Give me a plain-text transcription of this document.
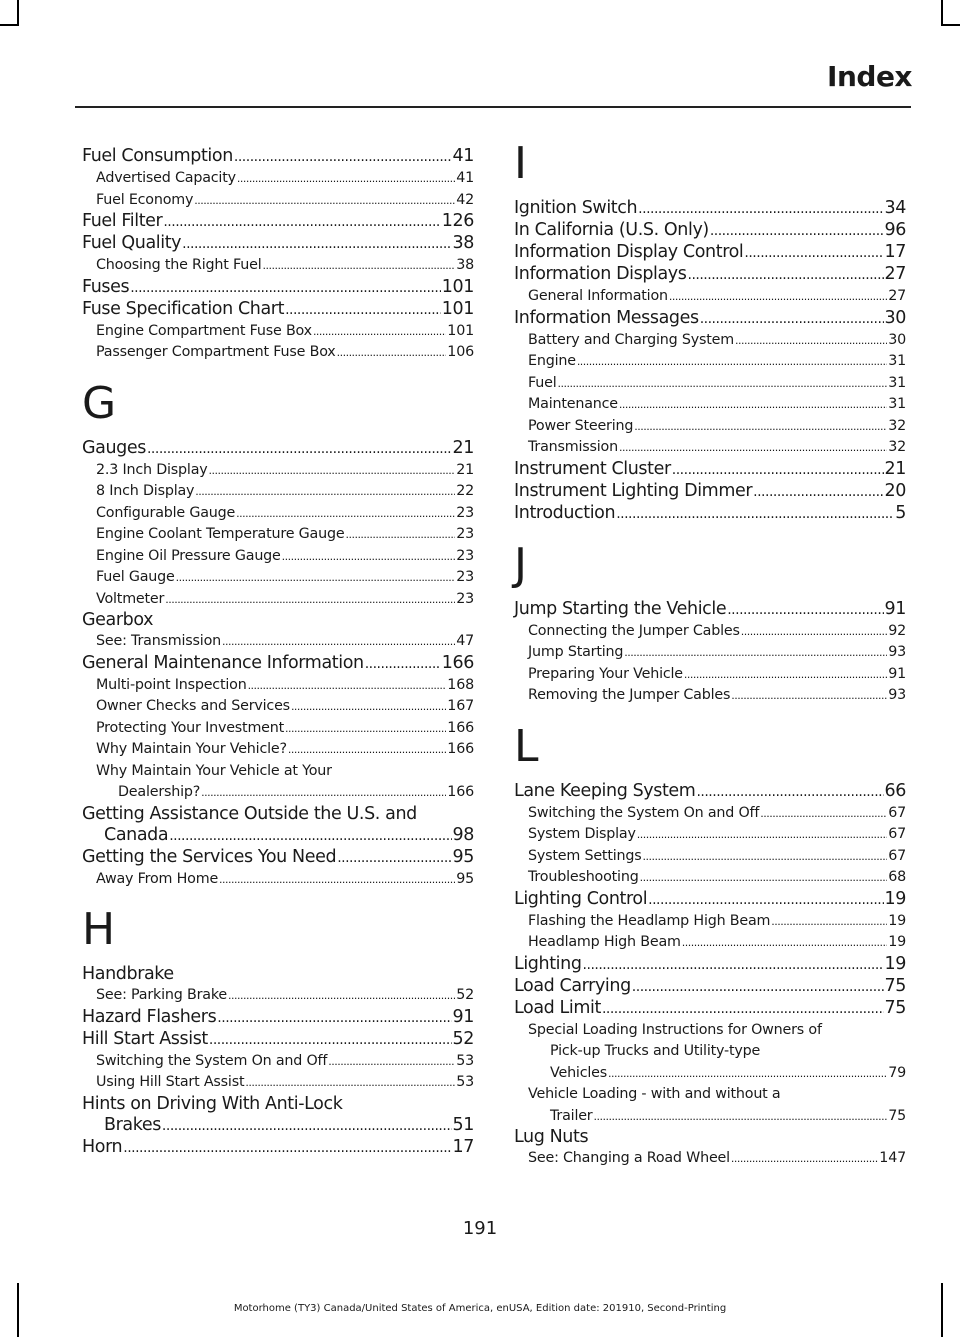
Index
Fuel Consumption .....	41
Advertised Capacity .....	41
Fuel Economy .....	42
Fuel Filter .....	126
Fuel Quality .....	38
Choosing the Right Fuel .....	38
Fuses .....	101
Fuse Specification Chart .....	101
Engine Compartment Fuse Box .....	101
Passenger Compartment Fuse Box .....	106
G
Gauges .....	21
2.3 Inch Display .....	21
8 Inch Display .....	22
Configurable Gauge .....	23
Engine Coolant Temperature Gauge .....	23
Engine Oil Pressure Gauge .....	23
Fuel Gauge .....	23
Voltmeter .....	23
Gearbox
See: Transmission .....	47
General Maintenance Information .....	166
Multi-point Inspection .....	168
Owner Checks and Services .....	167
Protecting Your Investment .....	166
Why Maintain Your Vehicle? .....	166
Why Maintain Your Vehicle at Your
Dealership? .....	166
Getting Assistance Outside the U.S. and
Canada .....	98
Getting the Services You Need .....	95
Away From Home .....	95
H
Handbrake
See: Parking Brake .....	52
Hazard Flashers .....	91
Hill Start Assist .....	52
Switching the System On and Off .....	53
Using Hill Start Assist .....	53
Hints on Driving With Anti-Lock
Brakes .....	51
Horn .....	17
I
Ignition Switch .....	34
In California (U.S. Only) .....	96
Information Display Control .....	17
Information Displays .....	27
General Information .....	27
Information Messages .....	30
Battery and Charging System .....	30
Engine .....	31
Fuel .....	31
Maintenance .....	31
Power Steering .....	32
Transmission .....	32
Instrument Cluster .....	21
Instrument Lighting Dimmer .....	20
Introduction .....	5
J
Jump Starting the Vehicle .....	91
Connecting the Jumper Cables .....	92
Jump Starting .....	93
Preparing Your Vehicle .....	91
Removing the Jumper Cables .....	93
L
Lane Keeping System .....	66
Switching the System On and Off .....	67
System Display .....	67
System Settings .....	67
Troubleshooting .....	68
Lighting Control .....	19
Flashing the Headlamp High Beam .....	19
Headlamp High Beam .....	19
Lighting .....	19
Load Carrying .....	75
Load Limit .....	75
Special Loading Instructions for Owners of
Pick-up Trucks and Utility-type
Vehicles .....	79
Vehicle Loading - with and without a
Trailer .....	75
Lug Nuts
See: Changing a Road Wheel .....	147
191
Motorhome (TY3) Canada/United States of America, enUSA, Edition date: 201910, Second-Printing
